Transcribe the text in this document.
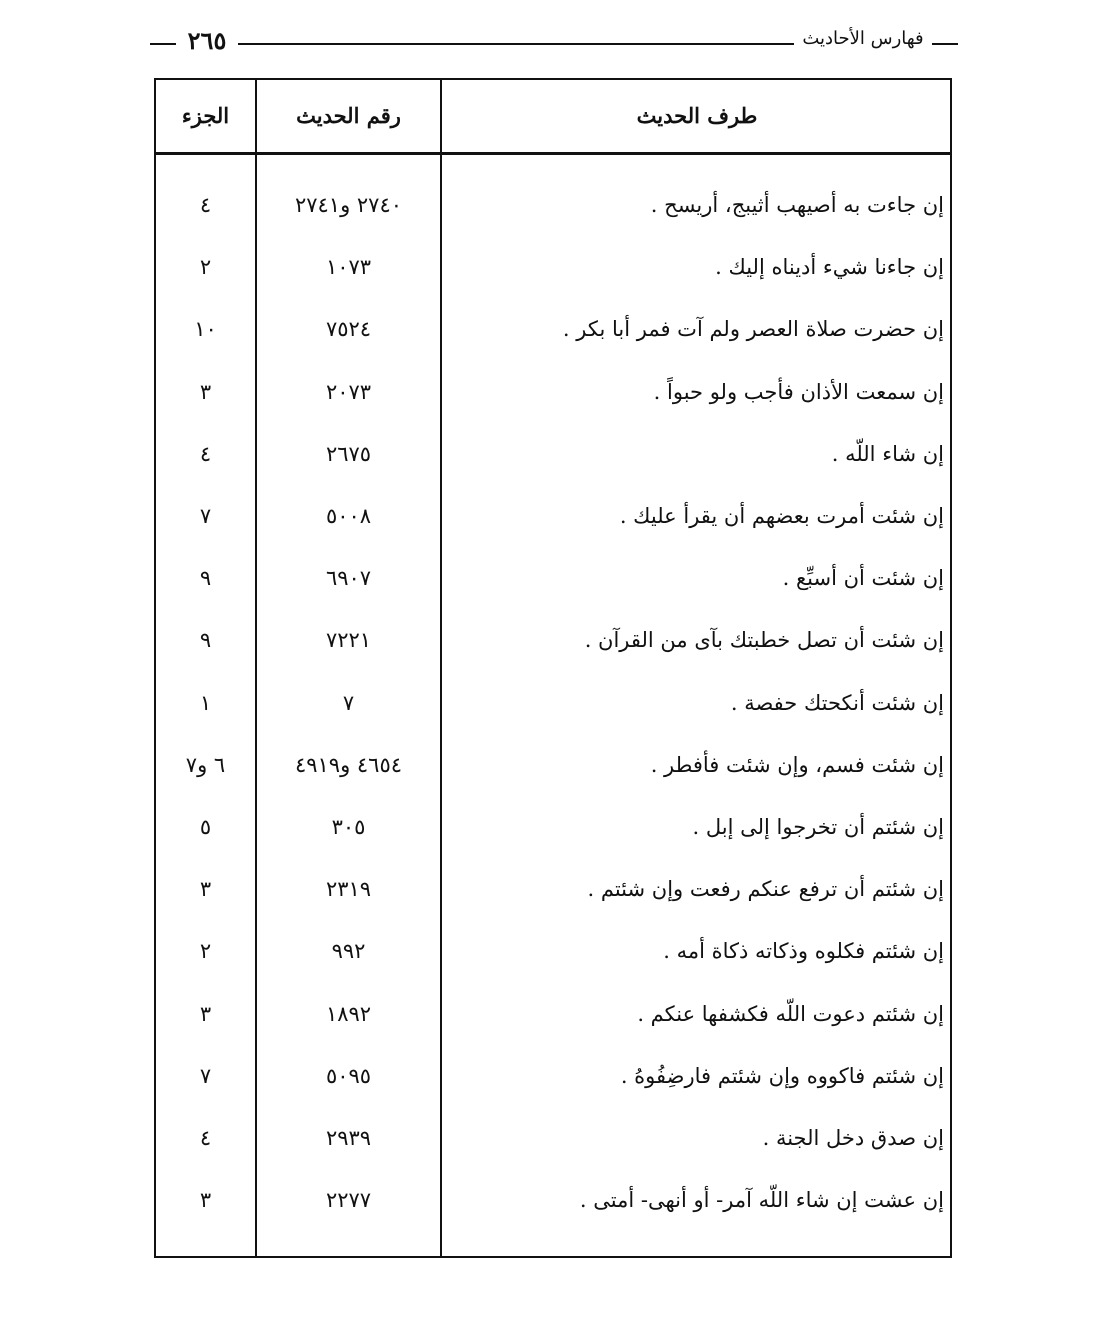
٢٦٥	فهارس الأحاديث
الجزء	رقم الحديث	طرف الحديث
٤	٢٧٤٠ و٢٧٤١	إن جاءت به أصيهب أثيبج، أريسح .
٢	١٠٧٣	إن جاءنا شيء أديناه إليك .
١٠	٧٥٢٤	إن حضرت صلاة العصر ولم آت فمر أبا بكر .
٣	٢٠٧٣	إن سمعت الأذان فأجب ولو حبواً .
٤	٢٦٧٥	إن شاء اللّه .
٧	٥٠٠٨	إن شئت أمرت بعضهم أن يقرأ عليك .
٩	٦٩٠٧	إن شئت أن أسبِّع .
٩	٧٢٢١	إن شئت أن تصل خطبتك بآى من القرآن .
١	٧	إن شئت أنكحتك حفصة .
٦ و٧	٤٦٥٤ و٤٩١٩	إن شئت فسم، وإن شئت فأفطر .
٥	٣٠٥	إن شئتم أن تخرجوا إلى إبل .
٣	٢٣١٩	إن شئتم أن ترفع عنكم رفعت وإن شئتم .
٢	٩٩٢	إن شئتم فكلوه وذكاته ذكاة أمه .
٣	١٨٩٢	إن شئتم دعوت اللّه فكشفها عنكم .
٧	٥٠٩٥	إن شئتم فاكووه وإن شئتم فارضِفُوهُ .
٤	٢٩٣٩	إن صدق دخل الجنة .
٣	٢٢٧٧	إن عشت إن شاء اللّه آمر- أو أنهى- أمتى .
